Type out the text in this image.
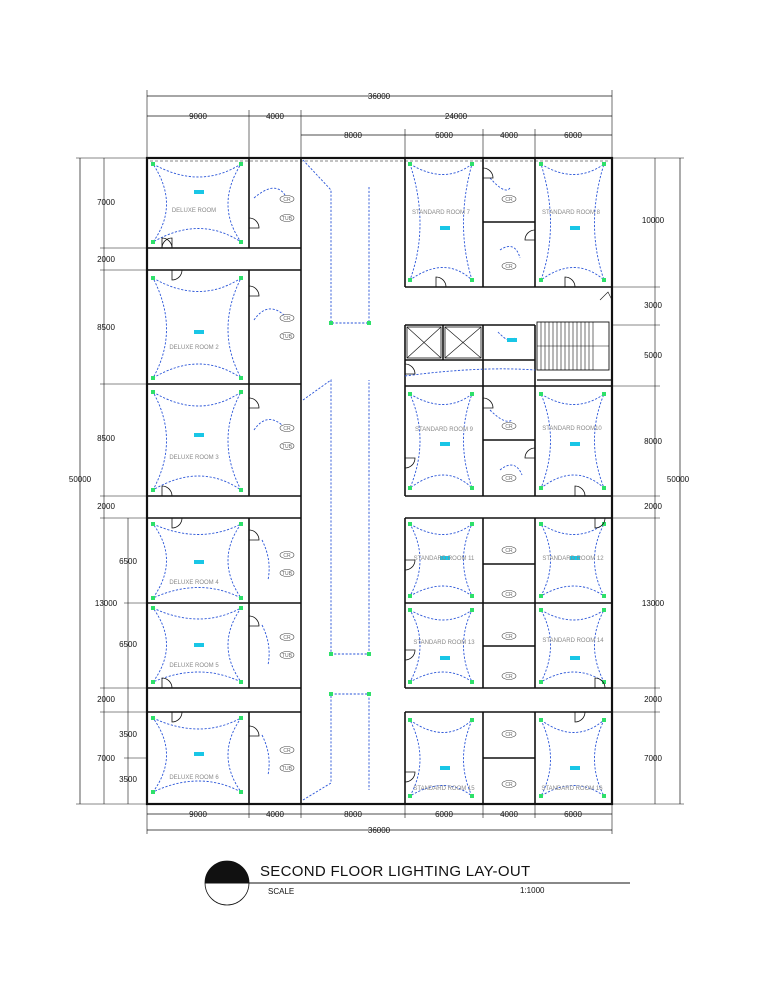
36000
9000	4000	24000
8000	6000	4000	6000
9000	4000	8000	6000	4000	6000
36000
50000
7000
2000
8500
8500
2000
13000
2000
7000
6500
6500
3500
3500
50000
10000
3000
5000
8000
2000
13000
2000
7000
CR
TUB
CR
TUB
CR
TUB
CR
TUB
CR
TUB
CR
TUB
CR
CR
CR
CR
CR
CR
CR
CR
CR
CR
DELUXE ROOM
DELUXE ROOM 2
DELUXE ROOM 3
DELUXE ROOM 4
DELUXE ROOM 5
DELUXE ROOM 6
STANDARD ROOM 7	STANDARD ROOM 8
STANDARD ROOM 9	STANDARD ROOM10
STANDARD ROOM 11	STANDARD ROOM 12
STANDARD ROOM 13	STANDARD ROOM 14
STANDARD ROOM 15	STANDARD ROOM 16
SECOND FLOOR LIGHTING LAY-OUT
SCALE	1:1000
